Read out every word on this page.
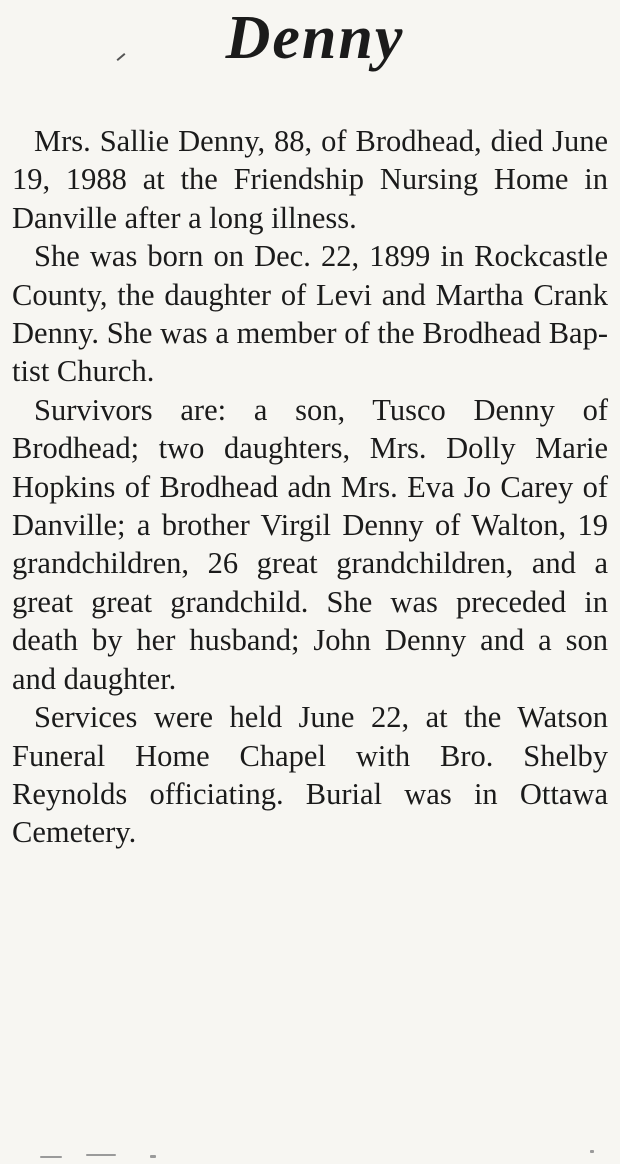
Denny

Mrs. Sallie Denny, 88, of Brodhead, died June 19, 1988 at the Friendship Nursing Home in Danville after a long illness.

She was born on Dec. 22, 1899 in Rockcastle County, the daughter of Levi and Martha Crank Denny. She was a member of the Brodhead Baptist Church.

Survivors are: a son, Tusco Denny of Brodhead; two daughters, Mrs. Dolly Marie Hopkins of Brodhead adn Mrs. Eva Jo Carey of Danville; a brother Virgil Denny of Walton, 19 grandchildren, 26 great grandchildren, and a great great grandchild. She was preceded in death by her husband; John Denny and a son and daughter.

Services were held June 22, at the Watson Funeral Home Chapel with Bro. Shelby Reynolds officiating. Burial was in Ottawa Cemetery.
